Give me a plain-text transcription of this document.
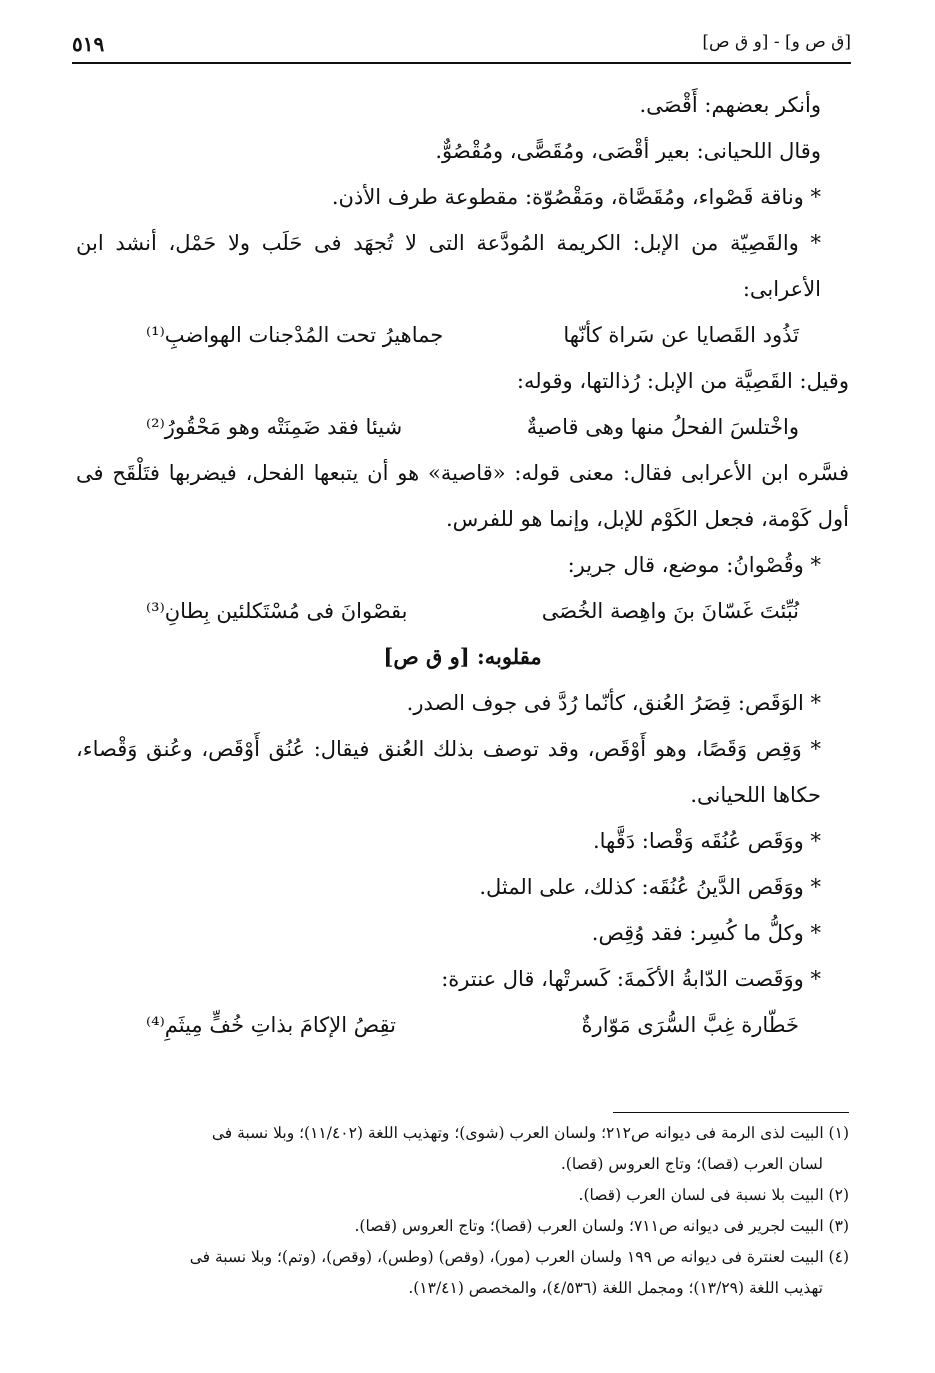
[ق ص و] - [و ق ص]
٥١٩

وأنكر بعضهم: أَقْصَى.

وقال اللحيانى: بعير أقْصَى، ومُقَصًّى، ومُقْصُوٌّ.

* وناقة قَصْواء، ومُقَصَّاة، ومَقْصُوّة: مقطوعة طرف الأذن.

* والقَصِيّة من الإبل: الكريمة المُودَّعة التى لا تُجهَد فى حَلَب ولا حَمْل، أنشد ابن الأعرابى:

تَذُود القَصايا عن سَراة كأنّها
جماهيرُ تحت المُدْجنات الهواضبِ⁽¹⁾

وقيل: القَصِيَّة من الإبل: رُذالتها، وقوله:

واخْتلسَ الفحلُ منها وهى قاصيةٌ
شيئا فقد ضَمِنَتْه وهو مَحْقُورُ⁽²⁾

فسَّره ابن الأعرابى فقال: معنى قوله: «قاصية» هو أن يتبعها الفحل، فيضربها فتَلْقَح فى أول كَوْمة، فجعل الكَوْم للإبل، وإنما هو للفرس.

* وقُصْوانُ: موضع، قال جرير:

نُبِّئتَ غَسّانَ بنَ واهِصة الخُصَى
بقصْوانَ فى مُسْتَكلئين بِطانِ⁽³⁾

مقلوبه: [و ق ص]

* الوَقَص: قِصَرُ العُنق، كأنّما رُدَّ فى جوف الصدر.

* وَقِص وَقَصًا، وهو أَوْقَص، وقد توصف بذلك العُنق فيقال: عُنُق أَوْقَص، وعُنق وَقْصاء، حكاها اللحيانى.

* ووَقَص عُنُقَه وَقْصا: دَقَّها.

* ووَقَص الدَّينُ عُنُقَه: كذلك، على المثل.

* وكلُّ ما كُسِر: فقد وُقِص.

* ووَقَصت الدّابةُ الأكَمةَ: كَسرتْها، قال عنترة:

خَطّارة غِبَّ السُّرَى مَوّارةٌ
تقِصُ الإكامَ بذاتِ خُفٍّ مِيثَمِ⁽⁴⁾

(١) البيت لذى الرمة فى ديوانه ص٢١٢؛ ولسان العرب (شوى)؛ وتهذيب اللغة (١١/٤٠٢)؛ وبلا نسبة فى

لسان العرب (قصا)؛ وتاج العروس (قصا).

(٢) البيت بلا نسبة فى لسان العرب (قصا).

(٣) البيت لجرير فى ديوانه ص٧١١؛ ولسان العرب (قصا)؛ وتاج العروس (قصا).

(٤) البيت لعنترة فى ديوانه ص ١٩٩ ولسان العرب (مور)، (وقص) (وطس)، (وقص)، (وتم)؛ وبلا نسبة فى

تهذيب اللغة (١٣/٢٩)؛ ومجمل اللغة (٤/٥٣٦)، والمخصص (١٣/٤١).
